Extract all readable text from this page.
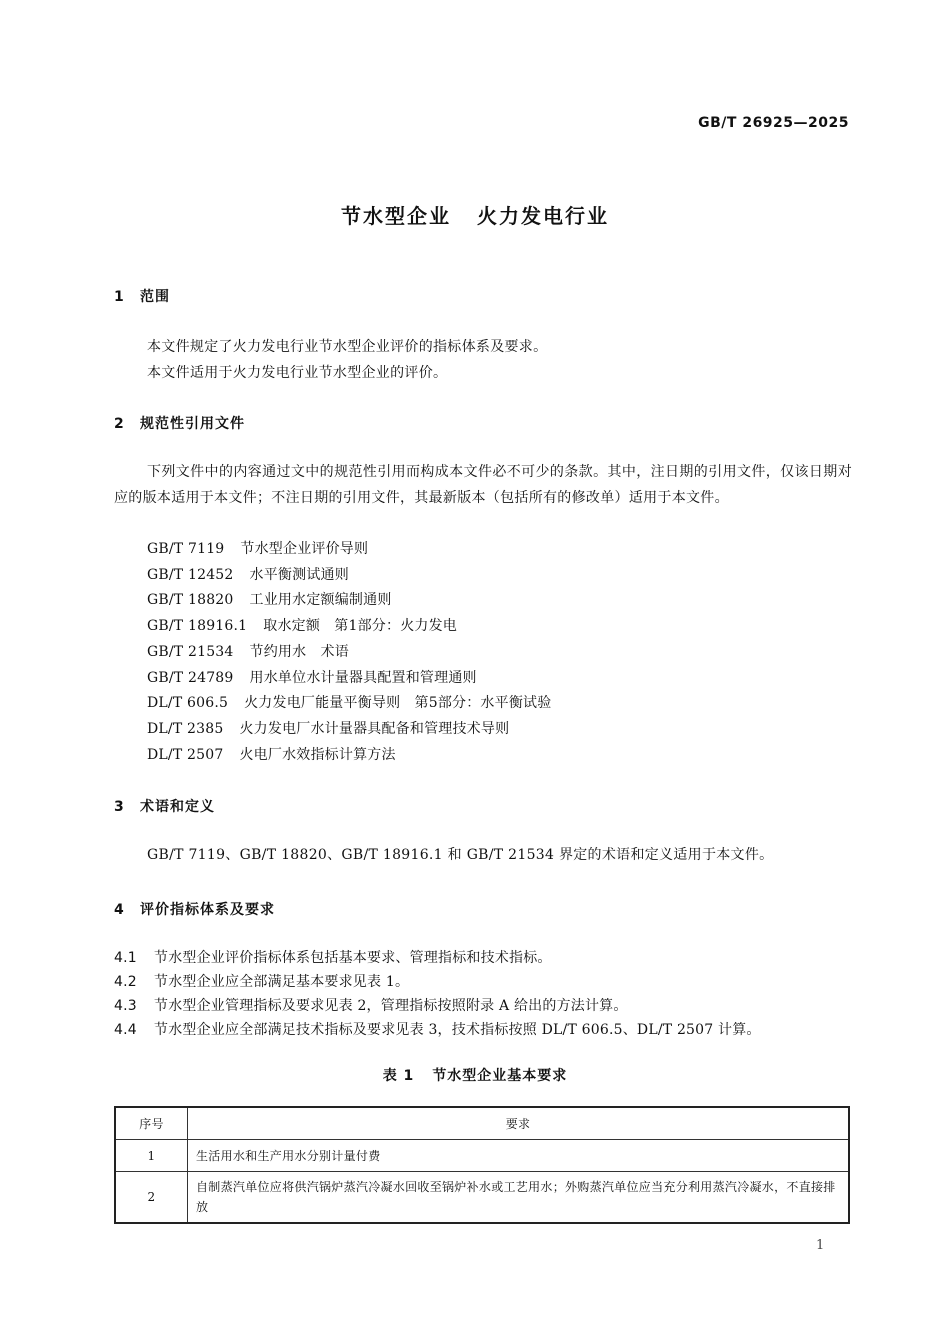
GB/T 26925—2025
节水型企业 火力发电行业
1 范围
本文件规定了火力发电行业节水型企业评价的指标体系及要求。
本文件适用于火力发电行业节水型企业的评价。
2 规范性引用文件
下列文件中的内容通过文中的规范性引用而构成本文件必不可少的条款。其中，注日期的引用文件，仅该日期对应的版本适用于本文件；不注日期的引用文件，其最新版本（包括所有的修改单）适用于本文件。
GB/T 7119 节水型企业评价导则
GB/T 12452 水平衡测试通则
GB/T 18820 工业用水定额编制通则
GB/T 18916.1 取水定额　第1部分：火力发电
GB/T 21534 节约用水　术语
GB/T 24789 用水单位水计量器具配置和管理通则
DL/T 606.5 火力发电厂能量平衡导则　第5部分：水平衡试验
DL/T 2385 火力发电厂水计量器具配备和管理技术导则
DL/T 2507 火电厂水效指标计算方法
3 术语和定义
GB/T 7119、GB/T 18820、GB/T 18916.1 和 GB/T 21534 界定的术语和定义适用于本文件。
4 评价指标体系及要求
4.1 节水型企业评价指标体系包括基本要求、管理指标和技术指标。
4.2 节水型企业应全部满足基本要求见表 1。
4.3 节水型企业管理指标及要求见表 2，管理指标按照附录 A 给出的方法计算。
4.4 节水型企业应全部满足技术指标及要求见表 3，技术指标按照 DL/T 606.5、DL/T 2507 计算。
表 1 节水型企业基本要求
序号	要求
1	生活用水和生产用水分别计量付费
2	自制蒸汽单位应将供汽锅炉蒸汽冷凝水回收至锅炉补水或工艺用水；外购蒸汽单位应当充分利用蒸汽冷凝水，不直接排放
1
